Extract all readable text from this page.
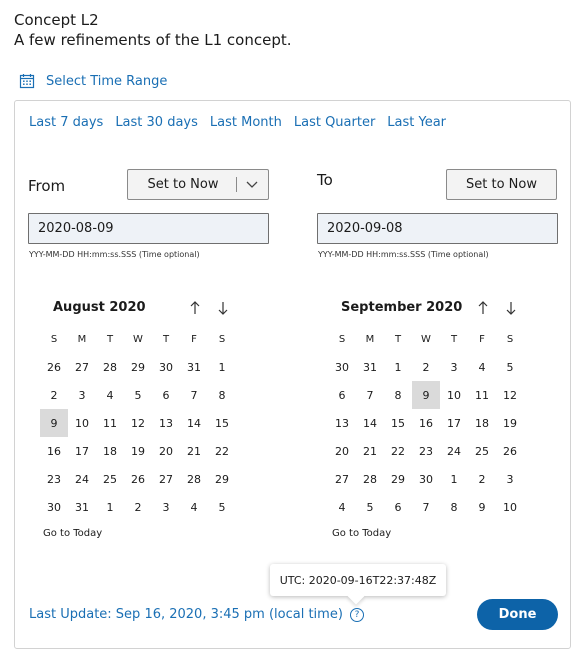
Concept L2
A few refinements of the L1 concept.
Select Time Range
Last 7 days Last 30 days Last Month Last Quarter Last Year
From	Set to Now
2020-08-09
YYY-MM-DD HH:mm:ss.SSS (Time optional)
To	Set to Now
2020-09-08
YYY-MM-DD HH:mm:ss.SSS (Time optional)
August 2020
S	M	T	W	T	F	S
26	27	28	29	30	31	1
2	3	4	5	6	7	8
9	10	11	12	13	14	15
16	17	18	19	20	21	22
23	24	25	26	27	28	29
30	31	1	2	3	4	5
Go to Today
September 2020
S	M	T	W	T	F	S
30	31	1	2	3	4	5
6	7	8	9	10	11	12
13	14	15	16	17	18	19
20	21	22	23	24	25	26
27	28	29	30	1	2	3
4	5	6	7	8	9	10
Go to Today
UTC: 2020-09-16T22:37:48Z
Last Update: Sep 16, 2020, 3:45 pm (local time)	?	Done
